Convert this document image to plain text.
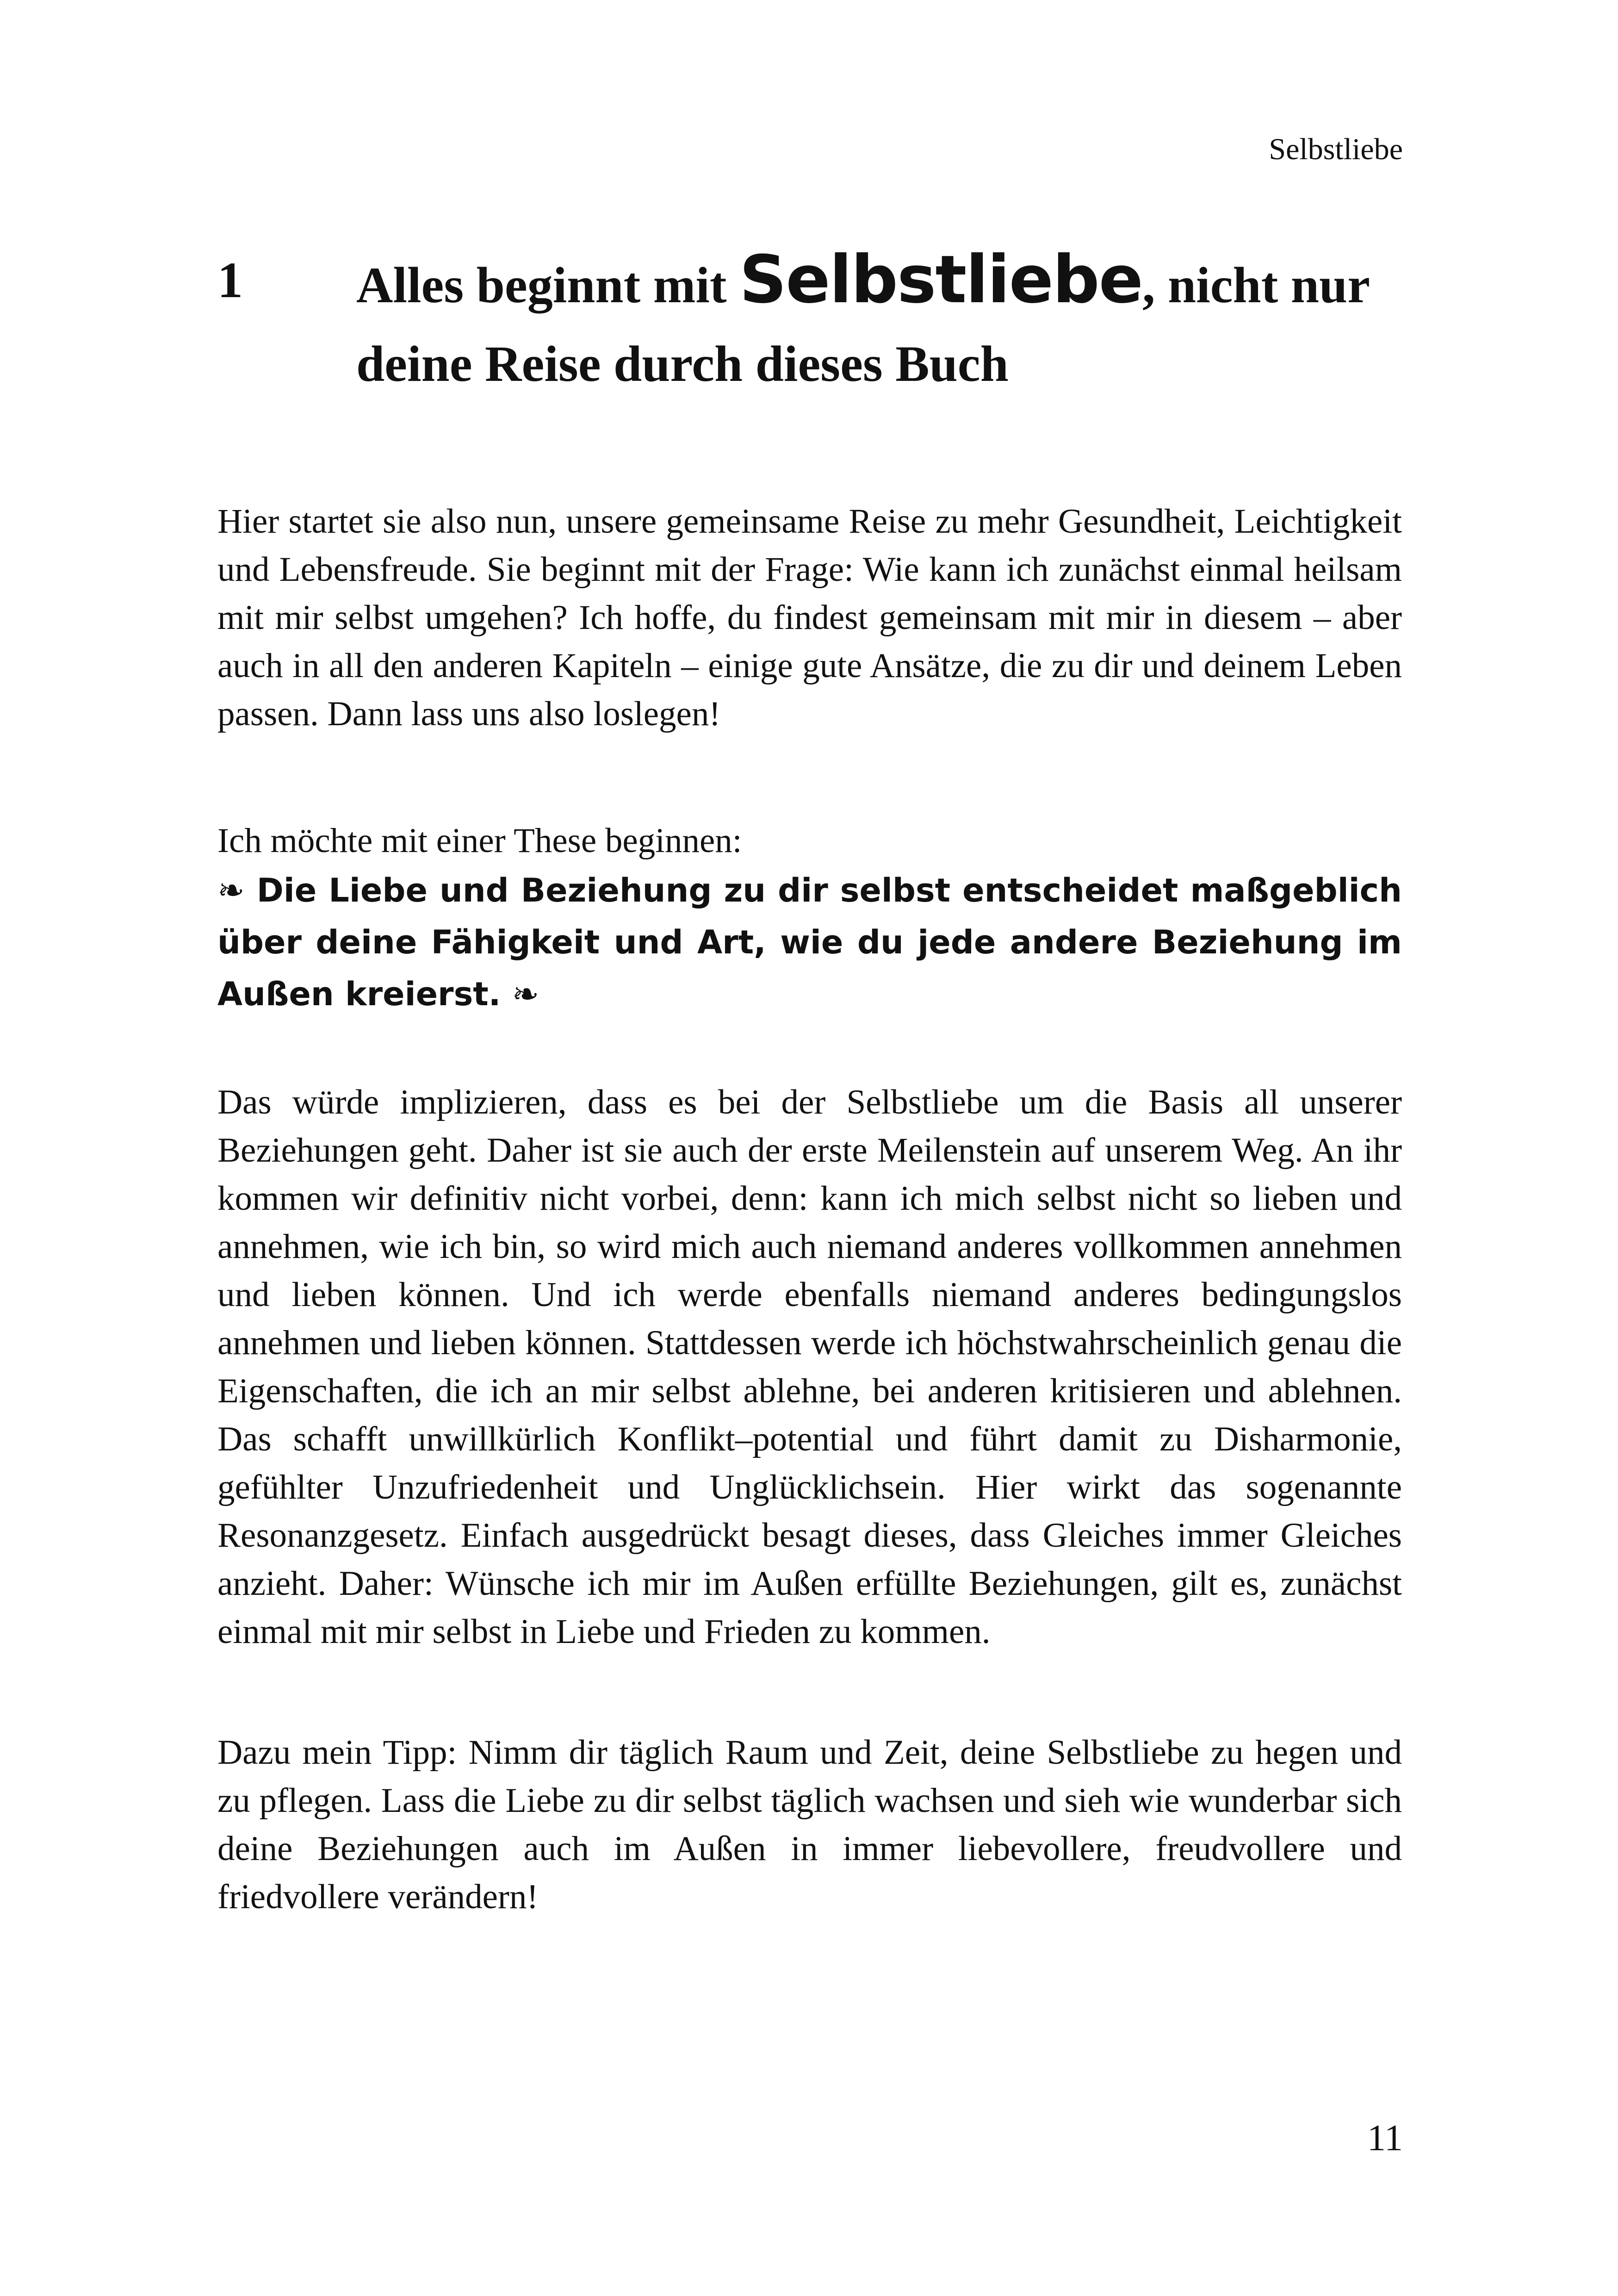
Selbstliebe
1 Alles beginnt mit Selbstliebe, nicht nur deine Reise durch dieses Buch

Hier startet sie also nun, unsere gemeinsame Reise zu mehr Gesundheit, Leichtigkeit und Lebensfreude. Sie beginnt mit der Frage: Wie kann ich zunächst einmal heilsam mit mir selbst umgehen? Ich hoffe, du findest gemeinsam mit mir in diesem – aber auch in all den anderen Kapiteln – einige gute Ansätze, die zu dir und deinem Leben passen. Dann lass uns also loslegen!

Ich möchte mit einer These beginnen:

❧ Die Liebe und Beziehung zu dir selbst entscheidet maßgeblich über deine Fähigkeit und Art, wie du jede andere Beziehung im Außen kreierst. ❧

Das würde implizieren, dass es bei der Selbstliebe um die Basis all unserer Beziehungen geht. Daher ist sie auch der erste Meilenstein auf unserem Weg. An ihr kommen wir definitiv nicht vorbei, denn: kann ich mich selbst nicht so lieben und annehmen, wie ich bin, so wird mich auch niemand anderes vollkommen annehmen und lieben können. Und ich werde ebenfalls niemand anderes bedingungslos annehmen und lieben können. Stattdessen werde ich höchstwahrscheinlich genau die Eigenschaften, die ich an mir selbst ablehne, bei anderen kritisieren und ablehnen. Das schafft unwillkürlich Konflikt–potential und führt damit zu Disharmonie, gefühlter Unzufriedenheit und Unglücklichsein. Hier wirkt das sogenannte Resonanzgesetz. Einfach ausgedrückt besagt dieses, dass Gleiches immer Gleiches anzieht. Daher: Wünsche ich mir im Außen erfüllte Beziehungen, gilt es, zunächst einmal mit mir selbst in Liebe und Frieden zu kommen.

Dazu mein Tipp: Nimm dir täglich Raum und Zeit, deine Selbstliebe zu hegen und zu pflegen. Lass die Liebe zu dir selbst täglich wachsen und sieh wie wunderbar sich deine Beziehungen auch im Außen in immer liebevollere, freudvollere und friedvollere verändern!

11
